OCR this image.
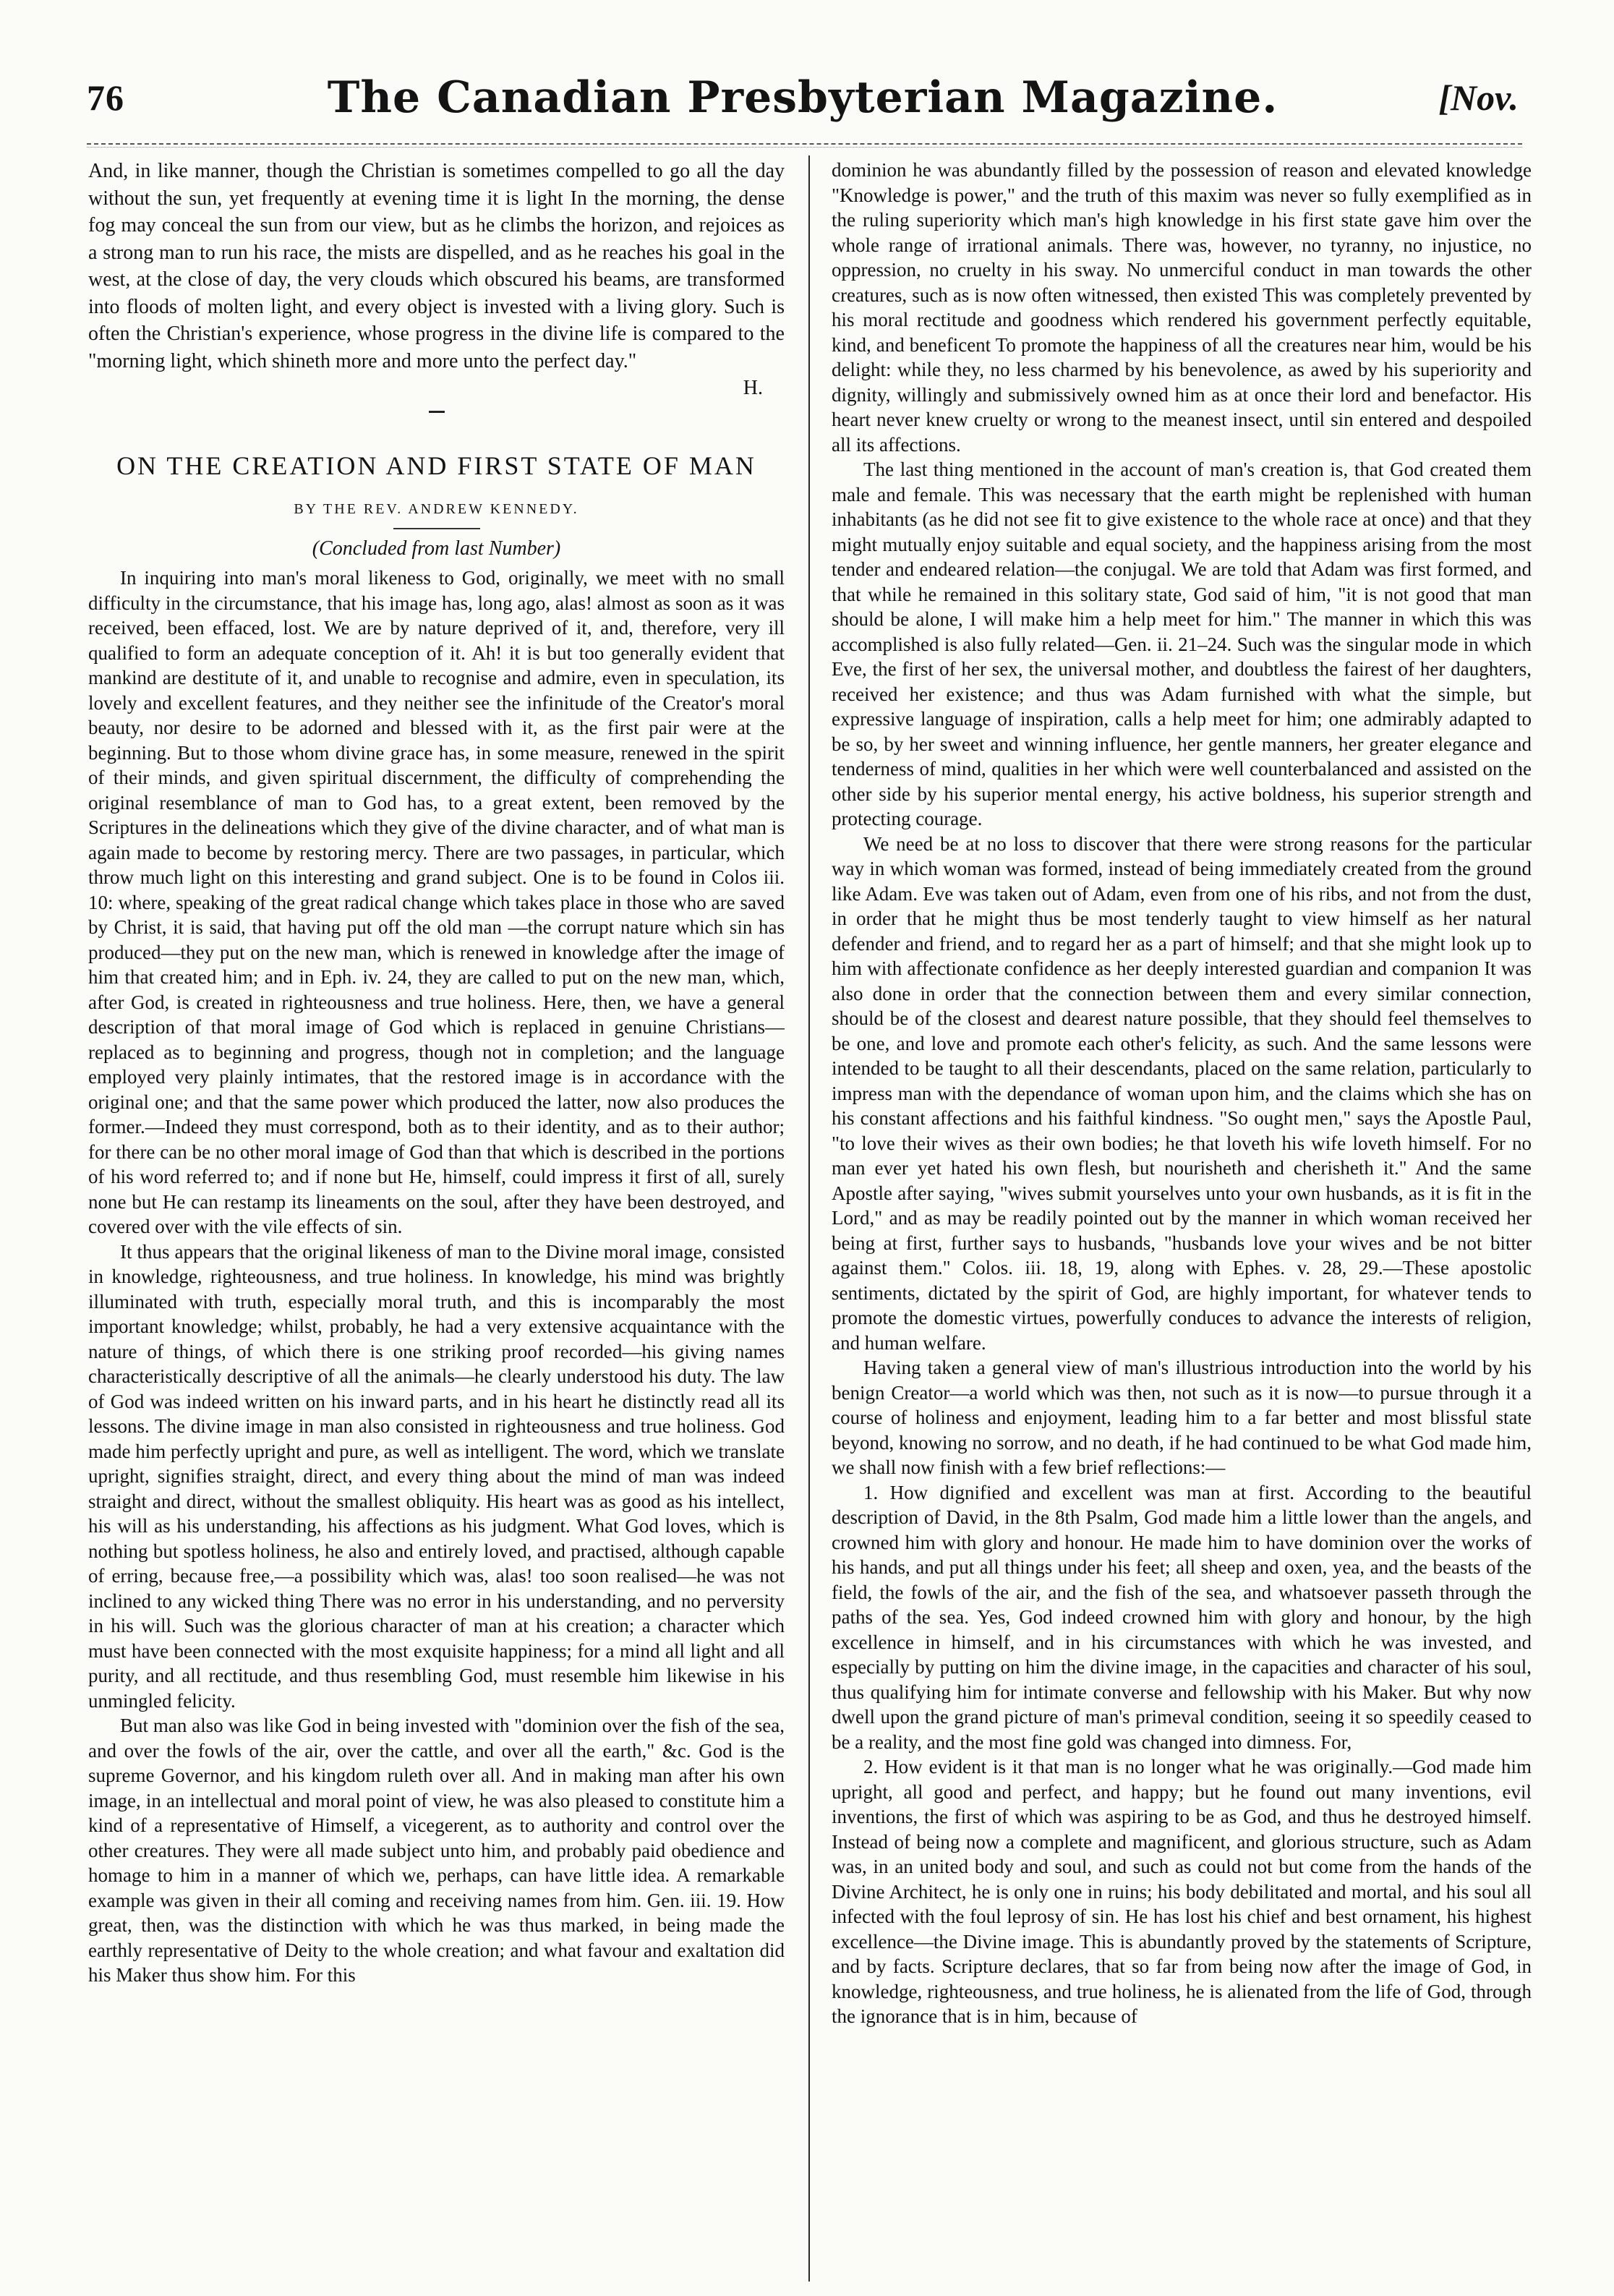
76	The Canadian Presbyterian Magazine.	[Nov.

And, in like manner, though the Christian is sometimes compelled to go all the day without the sun, yet frequently at evening time it is light In the morning, the dense fog may conceal the sun from our view, but as he climbs the horizon, and rejoices as a strong man to run his race, the mists are dispelled, and as he reaches his goal in the west, at the close of day, the very clouds which obscured his beams, are transformed into floods of molten light, and every object is invested with a living glory. Such is often the Christian's experience, whose progress in the divine life is compared to the "morning light, which shineth more and more unto the perfect day."

H.

ON THE CREATION AND FIRST STATE OF MAN
BY THE REV. ANDREW KENNEDY.
(Concluded from last Number)

In inquiring into man's moral likeness to God, originally, we meet with no small difficulty in the circumstance, that his image has, long ago, alas! almost as soon as it was received, been effaced, lost. We are by nature deprived of it, and, therefore, very ill qualified to form an adequate conception of it. Ah! it is but too generally evident that mankind are destitute of it, and unable to recognise and admire, even in speculation, its lovely and excellent features, and they neither see the infinitude of the Creator's moral beauty, nor desire to be adorned and blessed with it, as the first pair were at the beginning. But to those whom divine grace has, in some measure, renewed in the spirit of their minds, and given spiritual discernment, the difficulty of comprehending the original resemblance of man to God has, to a great extent, been removed by the Scriptures in the delineations which they give of the divine character, and of what man is again made to become by restoring mercy. There are two passages, in particular, which throw much light on this interesting and grand subject. One is to be found in Colos iii. 10: where, speaking of the great radical change which takes place in those who are saved by Christ, it is said, that having put off the old man —the corrupt nature which sin has produced—they put on the new man, which is renewed in knowledge after the image of him that created him; and in Eph. iv. 24, they are called to put on the new man, which, after God, is created in righteousness and true holiness. Here, then, we have a general description of that moral image of God which is replaced in genuine Christians—replaced as to beginning and progress, though not in completion; and the language employed very plainly intimates, that the restored image is in accordance with the original one; and that the same power which produced the latter, now also produces the former.—Indeed they must correspond, both as to their identity, and as to their author; for there can be no other moral image of God than that which is described in the portions of his word referred to; and if none but He, himself, could impress it first of all, surely none but He can restamp its lineaments on the soul, after they have been destroyed, and covered over with the vile effects of sin.

It thus appears that the original likeness of man to the Divine moral image, consisted in knowledge, righteousness, and true holiness. In knowledge, his mind was brightly illuminated with truth, especially moral truth, and this is incomparably the most important knowledge; whilst, probably, he had a very extensive acquaintance with the nature of things, of which there is one striking proof recorded—his giving names characteristically descriptive of all the animals—he clearly understood his duty. The law of God was indeed written on his inward parts, and in his heart he distinctly read all its lessons. The divine image in man also consisted in righteousness and true holiness. God made him perfectly upright and pure, as well as intelligent. The word, which we translate upright, signifies straight, direct, and every thing about the mind of man was indeed straight and direct, without the smallest obliquity. His heart was as good as his intellect, his will as his understanding, his affections as his judgment. What God loves, which is nothing but spotless holiness, he also and entirely loved, and practised, although capable of erring, because free,—a possibility which was, alas! too soon realised—he was not inclined to any wicked thing There was no error in his understanding, and no perversity in his will. Such was the glorious character of man at his creation; a character which must have been connected with the most exquisite happiness; for a mind all light and all purity, and all rectitude, and thus resembling God, must resemble him likewise in his unmingled felicity.

But man also was like God in being invested with "dominion over the fish of the sea, and over the fowls of the air, over the cattle, and over all the earth," &c. God is the supreme Governor, and his kingdom ruleth over all. And in making man after his own image, in an intellectual and moral point of view, he was also pleased to constitute him a kind of a representative of Himself, a vicegerent, as to authority and control over the other creatures. They were all made subject unto him, and probably paid obedience and homage to him in a manner of which we, perhaps, can have little idea. A remarkable example was given in their all coming and receiving names from him. Gen. iii. 19. How great, then, was the distinction with which he was thus marked, in being made the earthly representative of Deity to the whole creation; and what favour and exaltation did his Maker thus show him. For this

dominion he was abundantly filled by the possession of reason and elevated knowledge "Knowledge is power," and the truth of this maxim was never so fully exemplified as in the ruling superiority which man's high knowledge in his first state gave him over the whole range of irrational animals. There was, however, no tyranny, no injustice, no oppression, no cruelty in his sway. No unmerciful conduct in man towards the other creatures, such as is now often witnessed, then existed This was completely prevented by his moral rectitude and goodness which rendered his government perfectly equitable, kind, and beneficent To promote the happiness of all the creatures near him, would be his delight: while they, no less charmed by his benevolence, as awed by his superiority and dignity, willingly and submissively owned him as at once their lord and benefactor. His heart never knew cruelty or wrong to the meanest insect, until sin entered and despoiled all its affections.

The last thing mentioned in the account of man's creation is, that God created them male and female. This was necessary that the earth might be replenished with human inhabitants (as he did not see fit to give existence to the whole race at once) and that they might mutually enjoy suitable and equal society, and the happiness arising from the most tender and endeared relation—the conjugal. We are told that Adam was first formed, and that while he remained in this solitary state, God said of him, "it is not good that man should be alone, I will make him a help meet for him." The manner in which this was accomplished is also fully related—Gen. ii. 21–24. Such was the singular mode in which Eve, the first of her sex, the universal mother, and doubtless the fairest of her daughters, received her existence; and thus was Adam furnished with what the simple, but expressive language of inspiration, calls a help meet for him; one admirably adapted to be so, by her sweet and winning influence, her gentle manners, her greater elegance and tenderness of mind, qualities in her which were well counterbalanced and assisted on the other side by his superior mental energy, his active boldness, his superior strength and protecting courage.

We need be at no loss to discover that there were strong reasons for the particular way in which woman was formed, instead of being immediately created from the ground like Adam. Eve was taken out of Adam, even from one of his ribs, and not from the dust, in order that he might thus be most tenderly taught to view himself as her natural defender and friend, and to regard her as a part of himself; and that she might look up to him with affectionate confidence as her deeply interested guardian and companion It was also done in order that the connection between them and every similar connection, should be of the closest and dearest nature possible, that they should feel themselves to be one, and love and promote each other's felicity, as such. And the same lessons were intended to be taught to all their descendants, placed on the same relation, particularly to impress man with the dependance of woman upon him, and the claims which she has on his constant affections and his faithful kindness. "So ought men," says the Apostle Paul, "to love their wives as their own bodies; he that loveth his wife loveth himself. For no man ever yet hated his own flesh, but nourisheth and cherisheth it." And the same Apostle after saying, "wives submit yourselves unto your own husbands, as it is fit in the Lord," and as may be readily pointed out by the manner in which woman received her being at first, further says to husbands, "husbands love your wives and be not bitter against them." Colos. iii. 18, 19, along with Ephes. v. 28, 29.—These apostolic sentiments, dictated by the spirit of God, are highly important, for whatever tends to promote the domestic virtues, powerfully conduces to advance the interests of religion, and human welfare.

Having taken a general view of man's illustrious introduction into the world by his benign Creator—a world which was then, not such as it is now—to pursue through it a course of holiness and enjoyment, leading him to a far better and most blissful state beyond, knowing no sorrow, and no death, if he had continued to be what God made him, we shall now finish with a few brief reflections:—

1. How dignified and excellent was man at first. According to the beautiful description of David, in the 8th Psalm, God made him a little lower than the angels, and crowned him with glory and honour. He made him to have dominion over the works of his hands, and put all things under his feet; all sheep and oxen, yea, and the beasts of the field, the fowls of the air, and the fish of the sea, and whatsoever passeth through the paths of the sea. Yes, God indeed crowned him with glory and honour, by the high excellence in himself, and in his circumstances with which he was invested, and especially by putting on him the divine image, in the capacities and character of his soul, thus qualifying him for intimate converse and fellowship with his Maker. But why now dwell upon the grand picture of man's primeval condition, seeing it so speedily ceased to be a reality, and the most fine gold was changed into dimness. For,

2. How evident is it that man is no longer what he was originally.—God made him upright, all good and perfect, and happy; but he found out many inventions, evil inventions, the first of which was aspiring to be as God, and thus he destroyed himself. Instead of being now a complete and magnificent, and glorious structure, such as Adam was, in an united body and soul, and such as could not but come from the hands of the Divine Architect, he is only one in ruins; his body debilitated and mortal, and his soul all infected with the foul leprosy of sin. He has lost his chief and best ornament, his highest excellence—the Divine image. This is abundantly proved by the statements of Scripture, and by facts. Scripture declares, that so far from being now after the image of God, in knowledge, righteousness, and true holiness, he is alienated from the life of God, through the ignorance that is in him, because of
